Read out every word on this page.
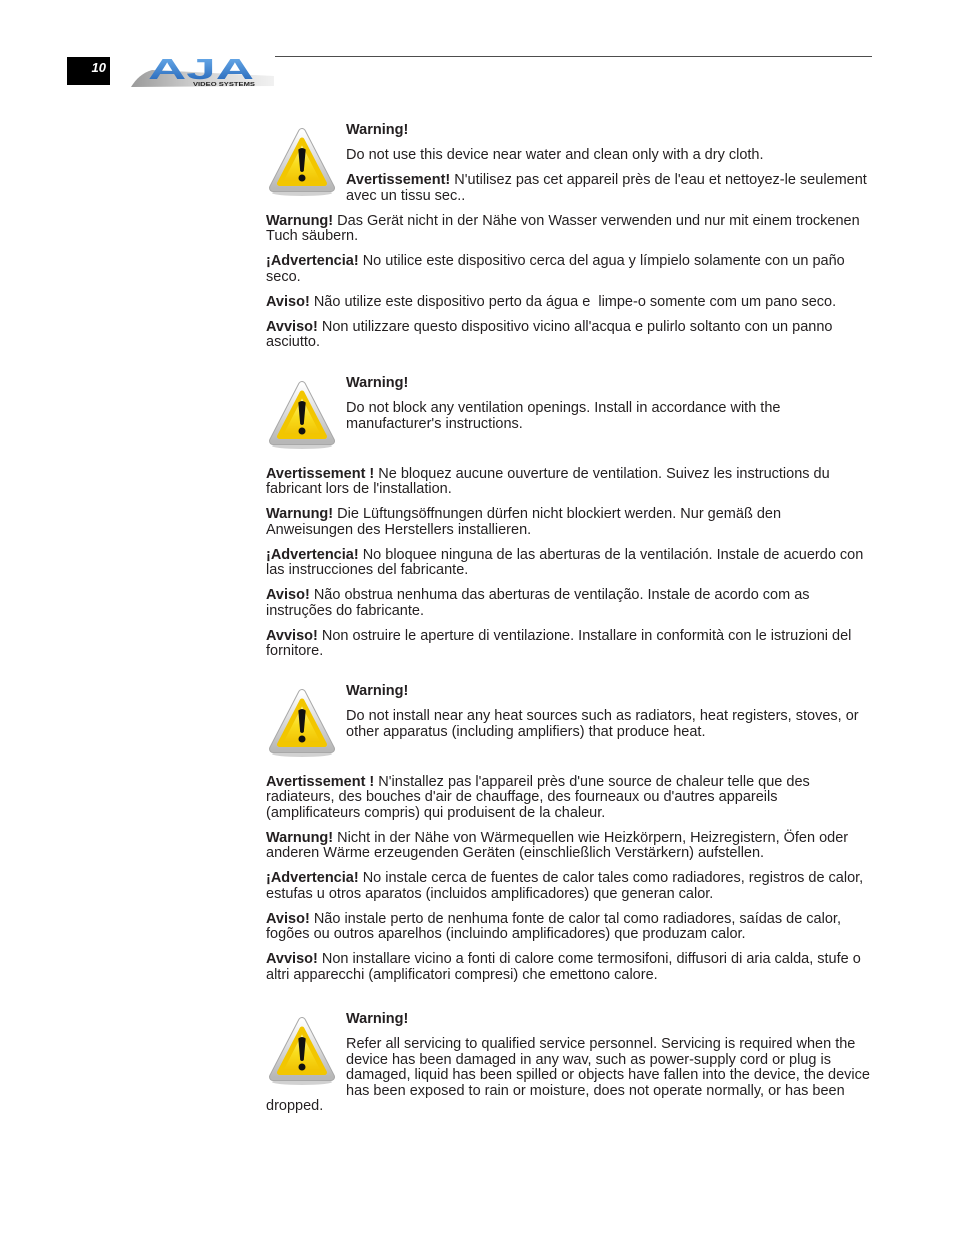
10 AJA
VIDEO SYSTEMS

Warning!

Do not use this device near water and clean only with a dry cloth.

Avertissement! N'utilisez pas cet appareil près de l'eau et nettoyez-le seulement
avec un tissu sec..

Warnung! Das Gerät nicht in der Nähe von Wasser verwenden und nur mit einem trockenen
Tuch säubern.

¡Advertencia! No utilice este dispositivo cerca del agua y límpielo solamente con un paño
seco.

Aviso! Não utilize este dispositivo perto da água e  limpe-o somente com um pano seco.

Avviso! Non utilizzare questo dispositivo vicino all'acqua e pulirlo soltanto con un panno
asciutto.

Warning!

Do not block any ventilation openings. Install in accordance with the
manufacturer's instructions.

Avertissement ! Ne bloquez aucune ouverture de ventilation. Suivez les instructions du
fabricant lors de l'installation.

Warnung! Die Lüftungsöffnungen dürfen nicht blockiert werden. Nur gemäß den
Anweisungen des Herstellers installieren.

¡Advertencia! No bloquee ninguna de las aberturas de la ventilación. Instale de acuerdo con
las instrucciones del fabricante.

Aviso! Não obstrua nenhuma das aberturas de ventilação. Instale de acordo com as
instruções do fabricante.

Avviso! Non ostruire le aperture di ventilazione. Installare in conformità con le istruzioni del
fornitore.

Warning!

Do not install near any heat sources such as radiators, heat registers, stoves, or
other apparatus (including amplifiers) that produce heat.

Avertissement ! N'installez pas l'appareil près d'une source de chaleur telle que des
radiateurs, des bouches d'air de chauffage, des fourneaux ou d'autres appareils
(amplificateurs compris) qui produisent de la chaleur.

Warnung! Nicht in der Nähe von Wärmequellen wie Heizkörpern, Heizregistern, Öfen oder
anderen Wärme erzeugenden Geräten (einschließlich Verstärkern) aufstellen.

¡Advertencia! No instale cerca de fuentes de calor tales como radiadores, registros de calor,
estufas u otros aparatos (incluidos amplificadores) que generan calor.

Aviso! Não instale perto de nenhuma fonte de calor tal como radiadores, saídas de calor,
fogões ou outros aparelhos (incluindo amplificadores) que produzam calor.

Avviso! Non installare vicino a fonti di calore come termosifoni, diffusori di aria calda, stufe o
altri apparecchi (amplificatori compresi) che emettono calore.

Warning!

Refer all servicing to qualified service personnel. Servicing is required when the
device has been damaged in any wav, such as power-supply cord or plug is
damaged, liquid has been spilled or objects have fallen into the device, the device
has been exposed to rain or moisture, does not operate normally, or has been
dropped.
